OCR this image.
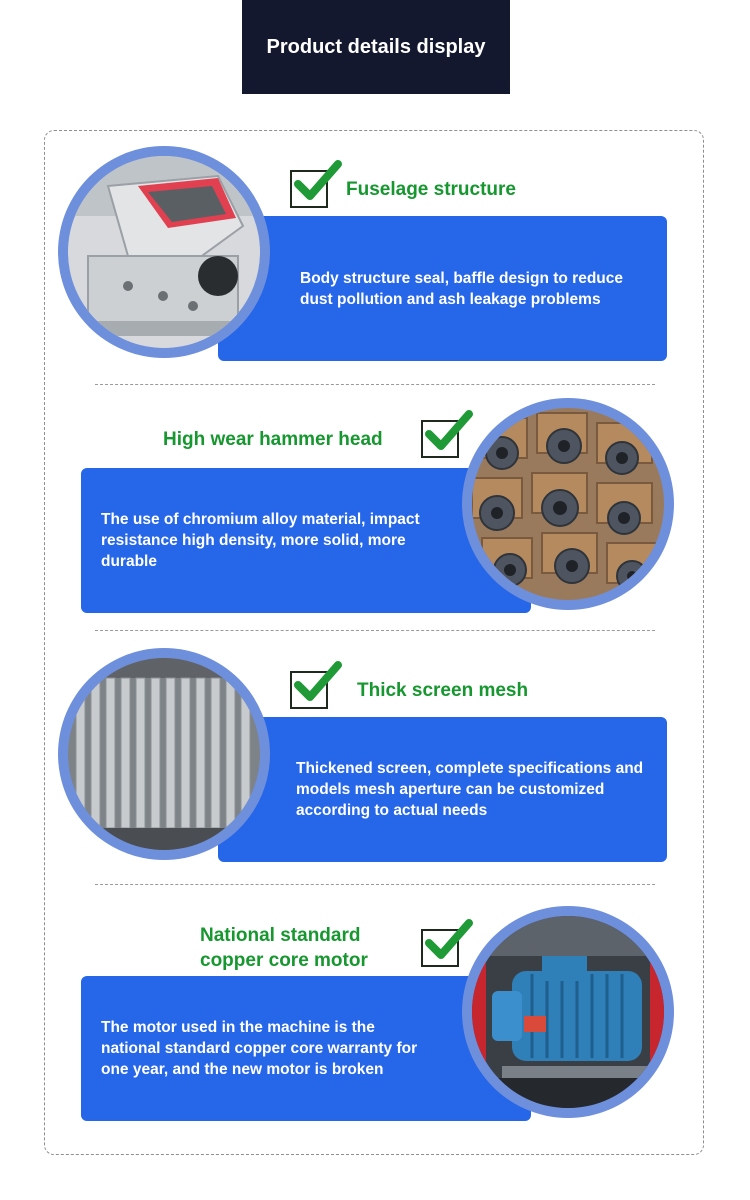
Product details display

Body structure seal, baffle design to reduce dust pollution and ash leakage problems

Fuselage structure

The use of chromium alloy material, impact resistance high density, more solid, more durable

High wear hammer head

Thickened screen, complete specifications and models mesh aperture can be customized according to actual needs

Thick screen mesh

The motor used in the machine is the national standard copper core warranty for one year, and the new motor is broken

National standard
copper core motor
